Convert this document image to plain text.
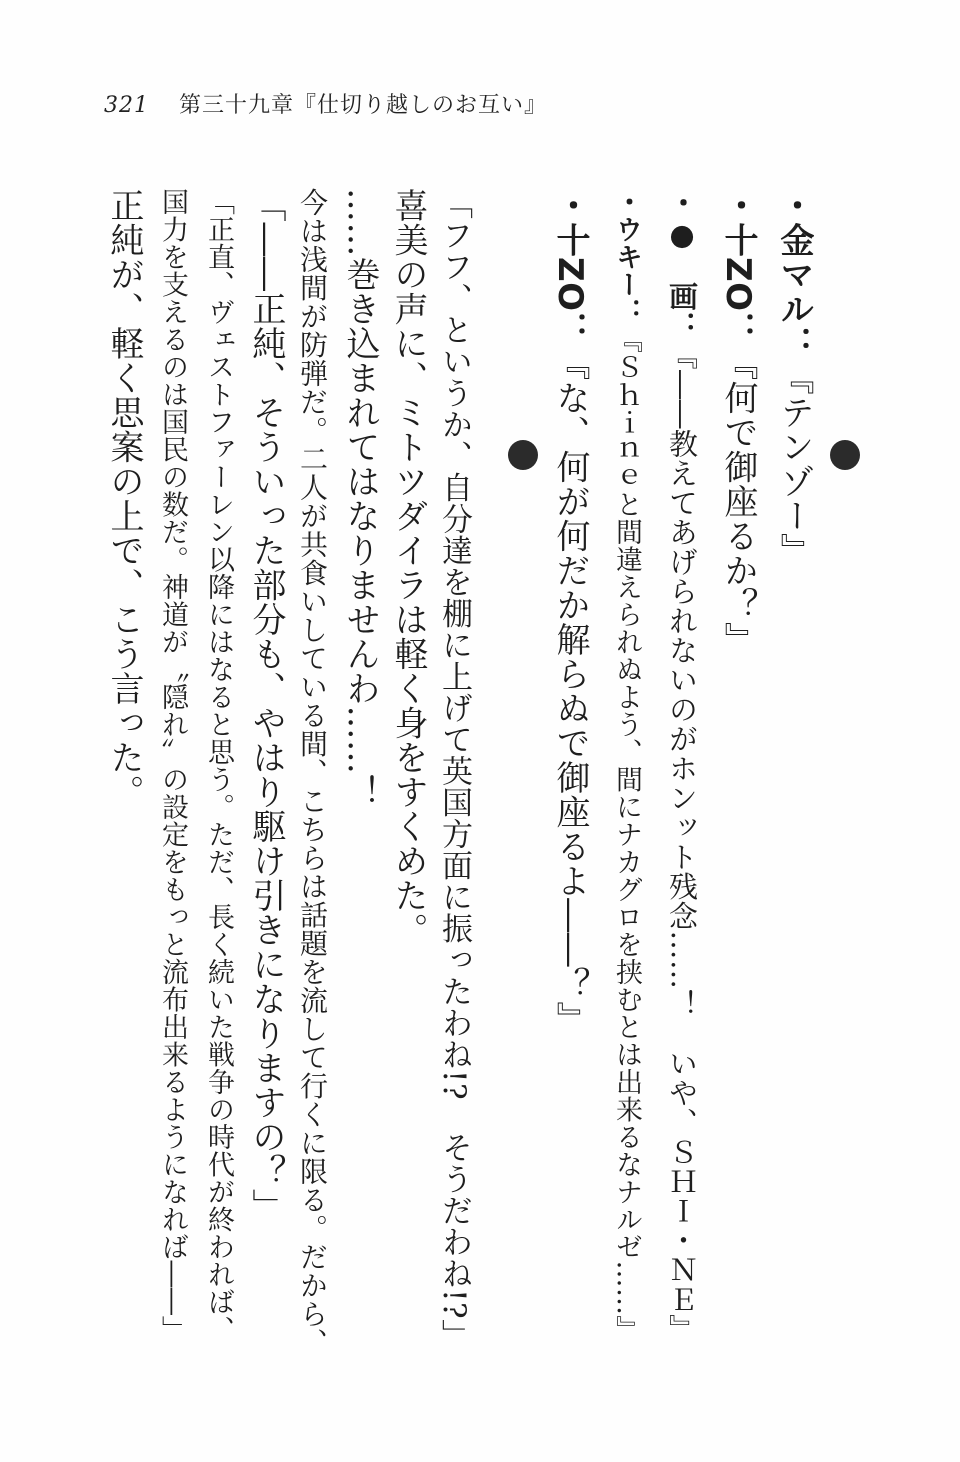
321 第三十九章『仕切り越しのお互い』
・金マル：『テンゾー』
・十ZO：『何で御座るか？』
・●　画：『――教えてあげられないのがホンット残念……！　いや、ＳＨＩ・ＮＥ』
・ウキー：『Ｓｈｉｎｅと間違えられぬよう、間にナカグロを挟むとは出来るなナルゼ……』
・十ZO：『な、何が何だか解らぬで御座るよ――？』
「フフ、というか、自分達を棚に上げて英国方面に振ったわね!?　そうだわね!?」
喜美の声に、ミトツダイラは軽く身をすくめた。
……巻き込まれてはなりませんわ……！
今は浅間が防弾だ。二人が共食いしている間、こちらは話題を流して行くに限る。だから、
「――正純、そういった部分も、やはり駆け引きになりますの？」
「正直、ヴェストファーレン以降にはなると思う。ただ、長く続いた戦争の時代が終われば、
国力を支えるのは国民の数だ。神道が〝隠れ〟の設定をもっと流布出来るようになれば――」
正純が、軽く思案の上で、こう言った。
